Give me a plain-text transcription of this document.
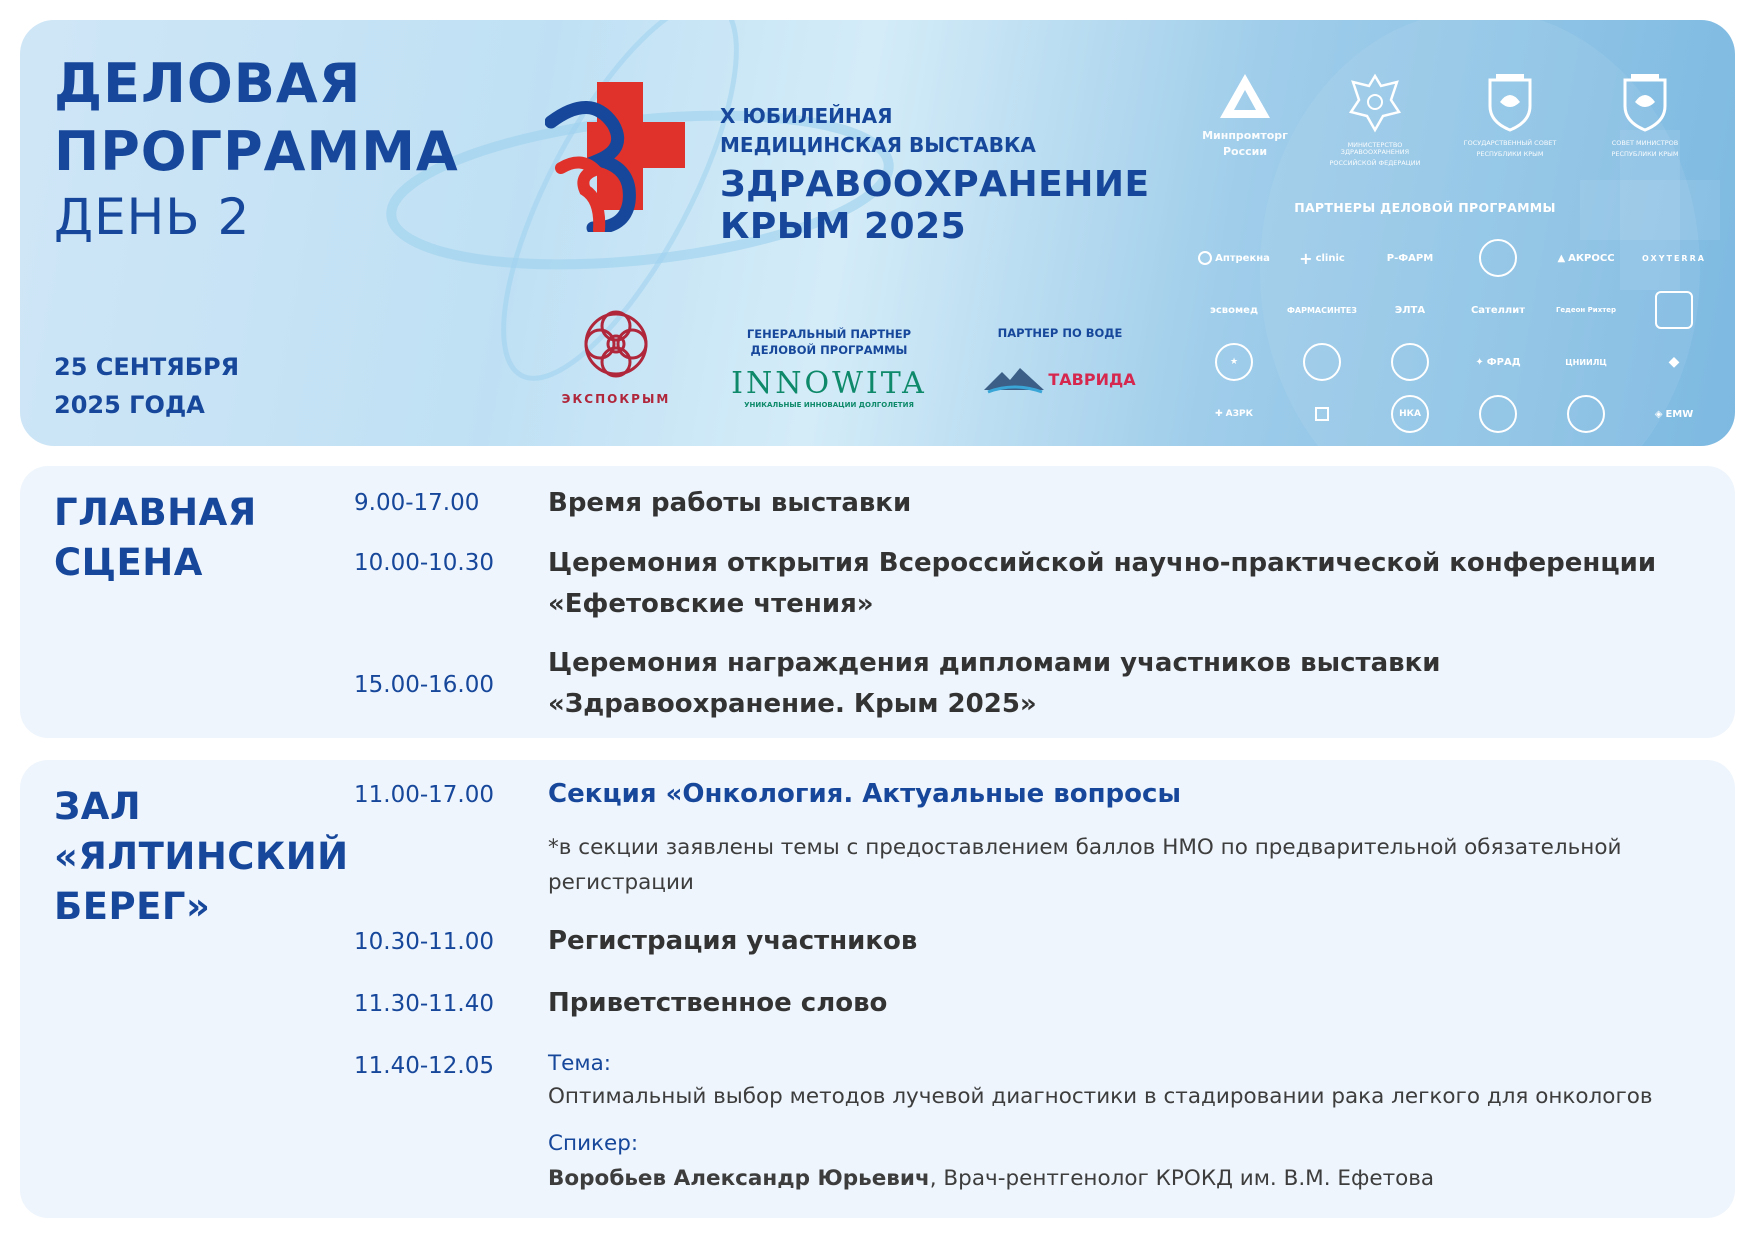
ДЕЛОВАЯ
ПРОГРАММА
ДЕНЬ 2
25 СЕНТЯБРЯ
2025 ГОДА
X ЮБИЛЕЙНАЯ
МЕДИЦИНСКАЯ ВЫСТАВКА
ЗДРАВООХРАНЕНИЕ
КРЫМ 2025
ЭКСПОКРЫМ
ГЕНЕРАЛЬНЫЙ ПАРТНЕР
ДЕЛОВОЙ ПРОГРАММЫ
INNOWITA
УНИКАЛЬНЫЕ ИННОВАЦИИ ДОЛГОЛЕТИЯ
ПАРТНЕР ПО ВОДЕ
ТАВРИДА
Минпромторг
России	МИНИСТЕРСТВО ЗДРАВООХРАНЕНИЯ
РОССИЙСКОЙ ФЕДЕРАЦИИ
ГОСУДАРСТВЕННЫЙ СОВЕТ
РЕСПУБЛИКИ КРЫМ
СОВЕТ МИНИСТРОВ
РЕСПУБЛИКИ КРЫМ
ПАРТНЕРЫ ДЕЛОВОЙ ПРОГРАММЫ
Аптрекна + clinic	Р-ФАРМ	▲ АКРОСС	OXYTERRA
эсвомед	ФАРМАСИНТЕЗ	ЭЛТА	Сателлит	Гедеон Рихтер
★	✦ ФРАД	ЦНИИЛЦ	◆
✚ АЗРК	НКА	◈ EMW
ГЛАВНАЯ
СЦЕНА
9.00-17.00	Время работы выставки
10.00-10.30 Церемония открытия Всероссийской научно-практической конференции «Ефетовские чтения»
15.00-16.00
Церемония награждения дипломами участников выставки «Здравоохранение. Крым 2025»
ЗАЛ
«ЯЛТИНСКИЙ
БЕРЕГ»
11.00-17.00 Секция «Онкология. Актуальные вопросы
*в секции заявлены темы с предоставлением баллов НМО по предварительной обязательной регистрации
10.30-11.00 Регистрация участников
11.30-11.40 Приветственное слово
11.40-12.05	Тема:
Оптимальный выбор методов лучевой диагностики в стадировании рака легкого для онкологов
Спикер:
Воробьев Александр Юрьевич, Врач-рентгенолог КРОКД им. В.М. Ефетова
